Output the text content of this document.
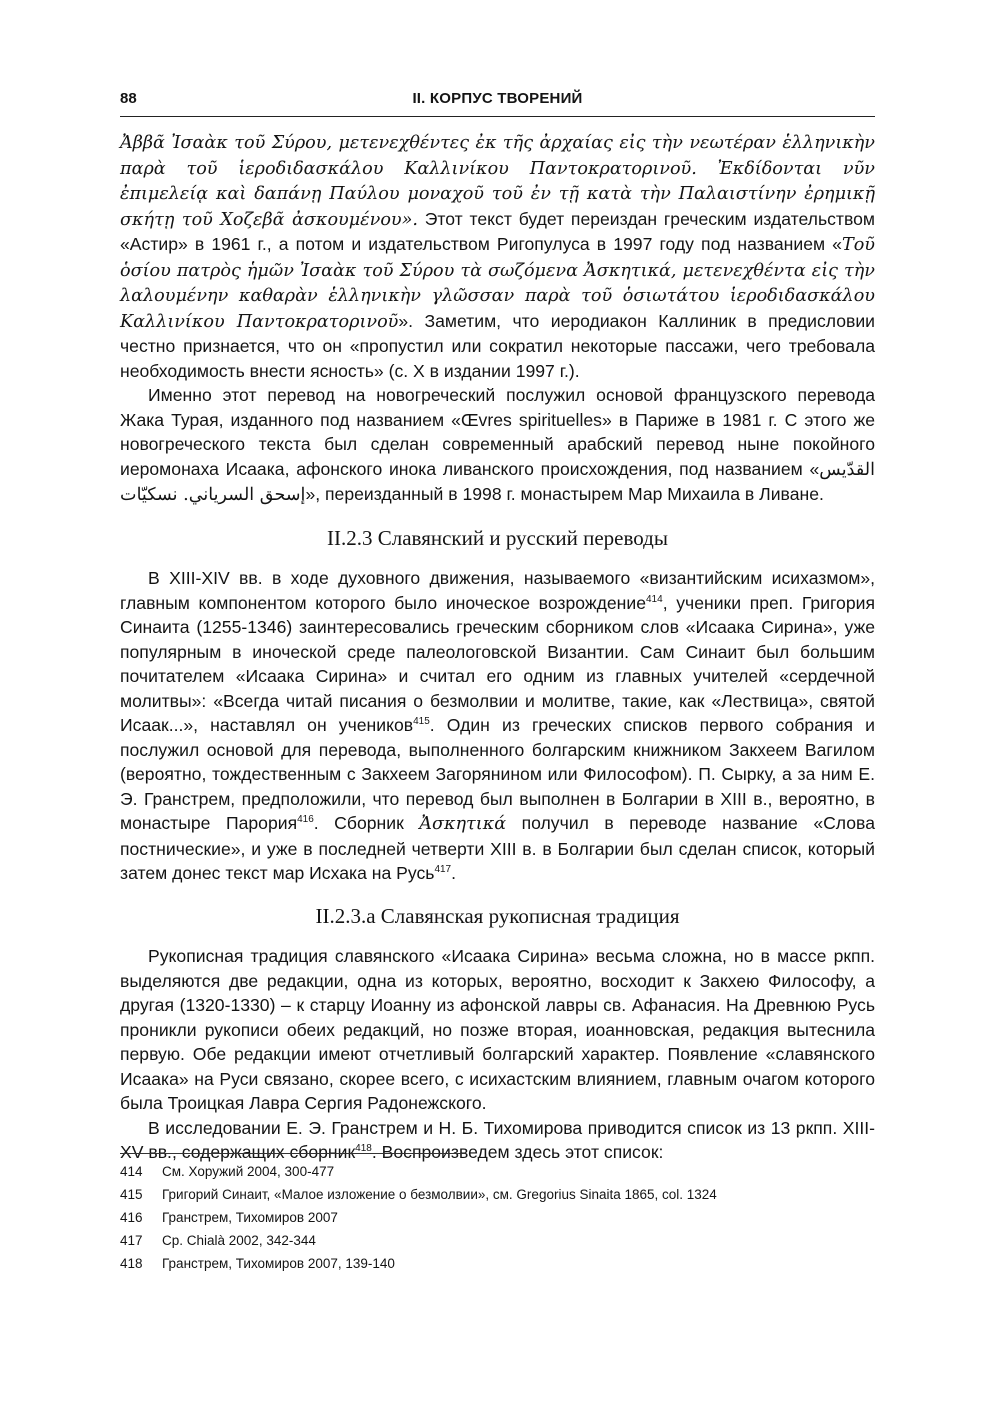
88	II. КОРПУС ТВОРЕНИЙ

Ἀββᾶ Ἰσαὰκ τοῦ Σύρου, μετενεχθέντες ἐκ τῆς ἀρχαίας εἰς τὴν νεωτέραν ἑλληνικὴν παρὰ τοῦ ἱεροδιδασκάλου Καλλινίκου Παντοκρατορινοῦ. Ἐκδίδονται νῦν ἐπιμελείᾳ καὶ δαπάνῃ Παύλου μοναχοῦ τοῦ ἐν τῇ κατὰ τὴν Παλαιστίνην ἐρημικῇ σκήτῃ τοῦ Χοζεβᾶ ἀσκουμένου». Этот текст будет переиздан греческим издательством «Астир» в 1961 г., а потом и издательством Ригопулуса в 1997 году под названием «Τοῦ ὁσίου πατρὸς ἡμῶν Ἰσαὰκ τοῦ Σύρου τὰ σωζόμενα Ἀσκητικά, μετενεχθέντα εἰς τὴν λαλουμένην καθαρὰν ἑλληνικὴν γλῶσσαν παρὰ τοῦ ὁσιωτάτου ἱεροδιδασκάλου Καλλινίκου Παντοκρατορινοῦ». Заметим, что иеродиакон Каллиник в предисловии честно признается, что он «пропустил или сократил некоторые пассажи, чего требовала необходимость внести ясность» (с. X в издании 1997 г.).

Именно этот перевод на новогреческий послужил основой французского перевода Жака Турая, изданного под названием «Œvres spirituelles» в Париже в 1981 г. С этого же новогреческого текста был сделан современный арабский перевод ныне покойного иеромонаха Исаака, афонского инока ливанского происхождения, под названием «القدّيس إسحق السرياني. نسكيّات», переизданный в 1998 г. монастырем Мар Михаила в Ливане.

II.2.3 Славянский и русский переводы

В XIII-XIV вв. в ходе духовного движения, называемого «византийским исихазмом», главным компонентом которого было иноческое возрождение$^{414}$, ученики преп. Григория Синаита (1255-1346) заинтересовались греческим сборником слов «Исаака Сирина», уже популярным в иноческой среде палеологовской Византии. Сам Синаит был большим почитателем «Исаака Сирина» и считал его одним из главных учителей «сердечной молитвы»: «Всегда читай писания о безмолвии и молитве, такие, как «Лествица», святой Исаак...», наставлял он учеников$^{415}$. Один из греческих списков первого собрания и послужил основой для перевода, выполненного болгарским книжником Закхеем Вагилом (вероятно, тождественным с Закхеем Загорянином или Философом). П. Сырку, а за ним Е. Э. Гранстрем, предположили, что перевод был выполнен в Болгарии в XIII в., вероятно, в монастыре Парория$^{416}$. Сборник Ἀσκητικά получил в переводе название «Слова постнические», и уже в последней четверти XIII в. в Болгарии был сделан список, который затем донес текст мар Исхака на Русь$^{417}$.

II.2.3.a Славянская рукописная традиция

Рукописная традиция славянского «Исаака Сирина» весьма сложна, но в массе ркпп. выделяются две редакции, одна из которых, вероятно, восходит к Закхею Философу, а другая (1320-1330) – к старцу Иоанну из афонской лавры св. Афанасия. На Древнюю Русь проникли рукописи обеих редакций, но позже вторая, иоанновская, редакция вытеснила первую. Обе редакции имеют отчетливый болгарский характер. Появление «славянского Исаака» на Руси связано, скорее всего, с исихастским влиянием, главным очагом которого была Троицкая Лавра Сергия Радонежского.

В исследовании Е. Э. Гранстрем и Н. Б. Тихомирова приводится список из 13 ркпп. XIII-XV вв., содержащих сборник$^{418}$. Воспроизведем здесь этот список:

414	См. Хоружий 2004, 300-477
415	Григорий Синаит, «Малое изложение о безмолвии», см. Gregorius Sinaita 1865, col. 1324
416	Гранстрем, Тихомиров 2007
417	Ср. Chialà 2002, 342-344
418	Гранстрем, Тихомиров 2007, 139-140
